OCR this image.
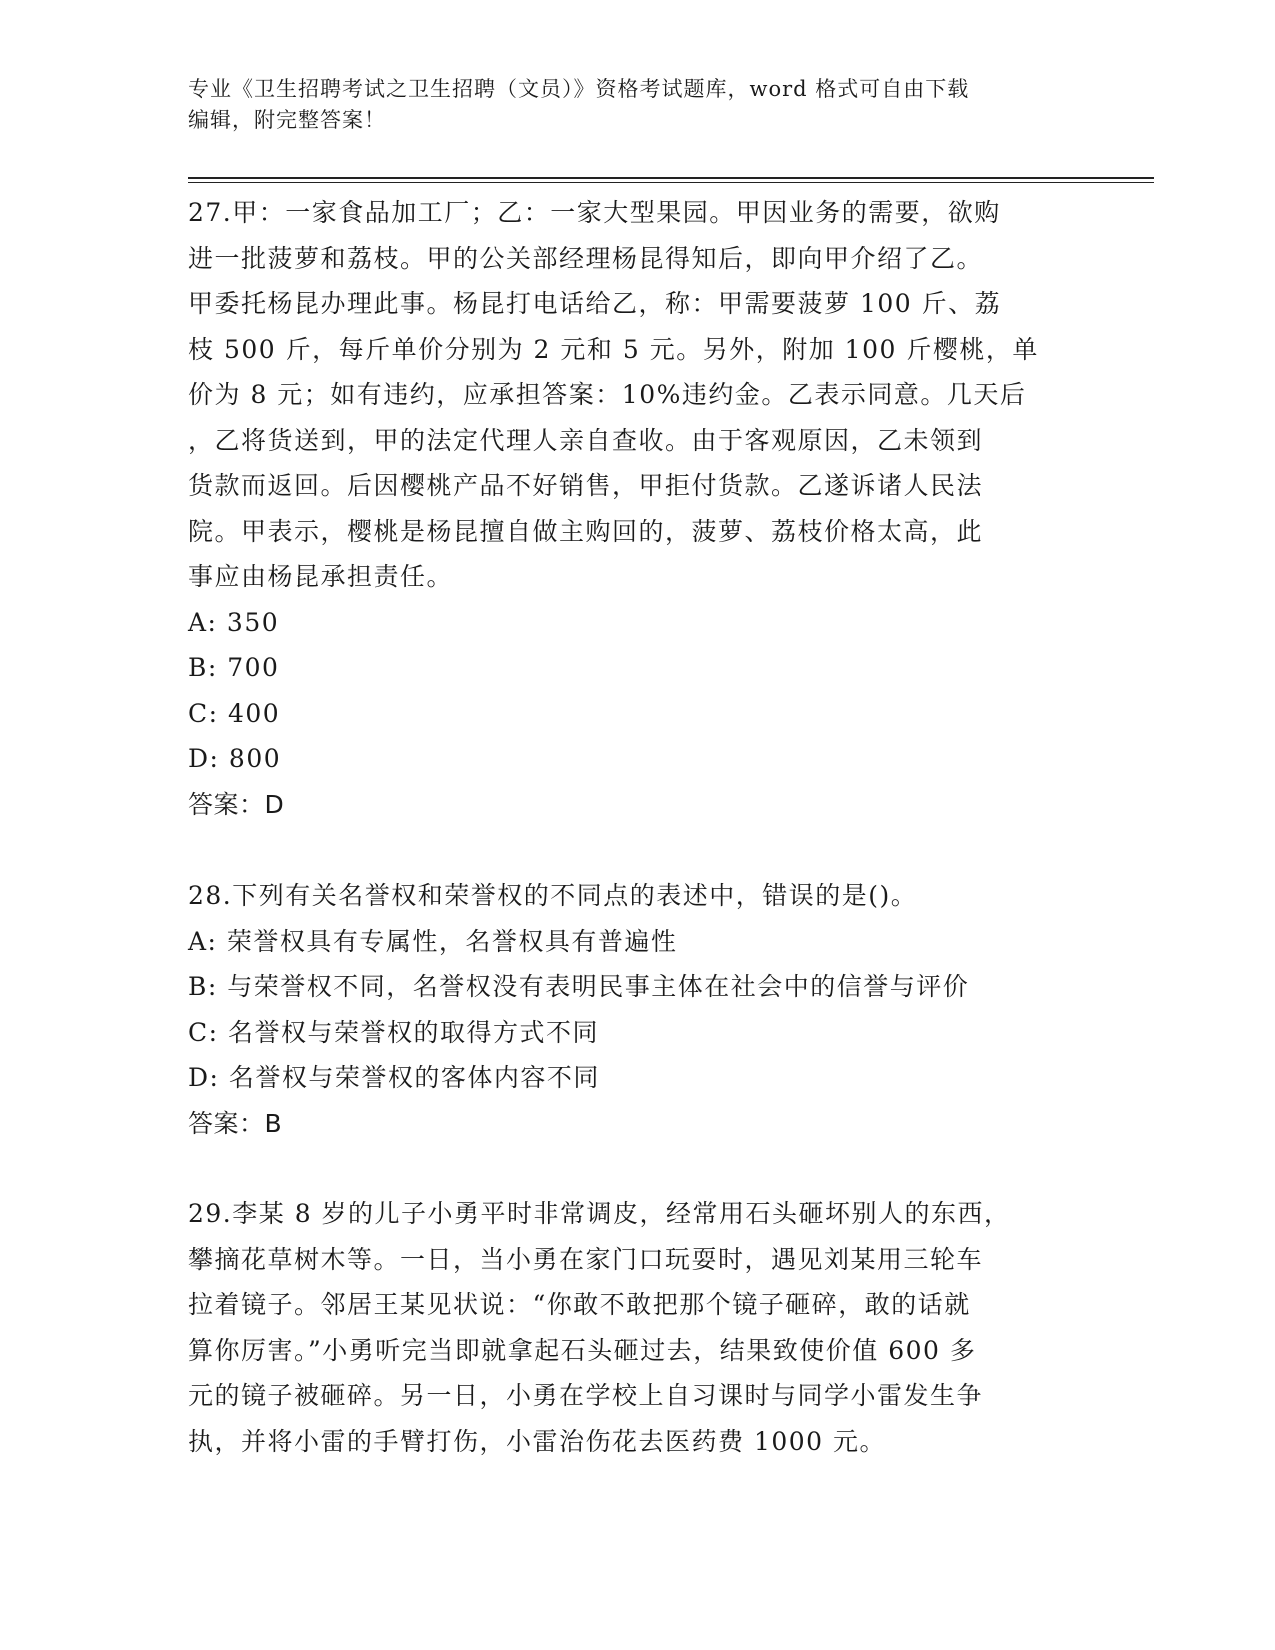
专业《卫生招聘考试之卫生招聘（文员）》资格考试题库，word 格式可自由下载
编辑，附完整答案！

27.甲：一家食品加工厂；乙：一家大型果园。甲因业务的需要，欲购

进一批菠萝和荔枝。甲的公关部经理杨昆得知后，即向甲介绍了乙。

甲委托杨昆办理此事。杨昆打电话给乙，称：甲需要菠萝 100 斤、荔

枝 500 斤，每斤单价分别为 2 元和 5 元。另外，附加 100 斤樱桃，单

价为 8 元；如有违约，应承担答案：10%违约金。乙表示同意。几天后

，乙将货送到，甲的法定代理人亲自查收。由于客观原因，乙未领到

货款而返回。后因樱桃产品不好销售，甲拒付货款。乙遂诉诸人民法

院。甲表示，樱桃是杨昆擅自做主购回的，菠萝、荔枝价格太高，此

事应由杨昆承担责任。

A: 350

B: 700

C: 400

D: 800

答案：D

28.下列有关名誉权和荣誉权的不同点的表述中，错误的是()。

A: 荣誉权具有专属性，名誉权具有普遍性

B: 与荣誉权不同，名誉权没有表明民事主体在社会中的信誉与评价

C: 名誉权与荣誉权的取得方式不同

D: 名誉权与荣誉权的客体内容不同

答案：B

29.李某 8 岁的儿子小勇平时非常调皮，经常用石头砸坏别人的东西，

攀摘花草树木等。一日，当小勇在家门口玩耍时，遇见刘某用三轮车

拉着镜子。邻居王某见状说：“你敢不敢把那个镜子砸碎，敢的话就

算你厉害。”小勇听完当即就拿起石头砸过去，结果致使价值 600 多

元的镜子被砸碎。另一日，小勇在学校上自习课时与同学小雷发生争

执，并将小雷的手臂打伤，小雷治伤花去医药费 1000 元。
